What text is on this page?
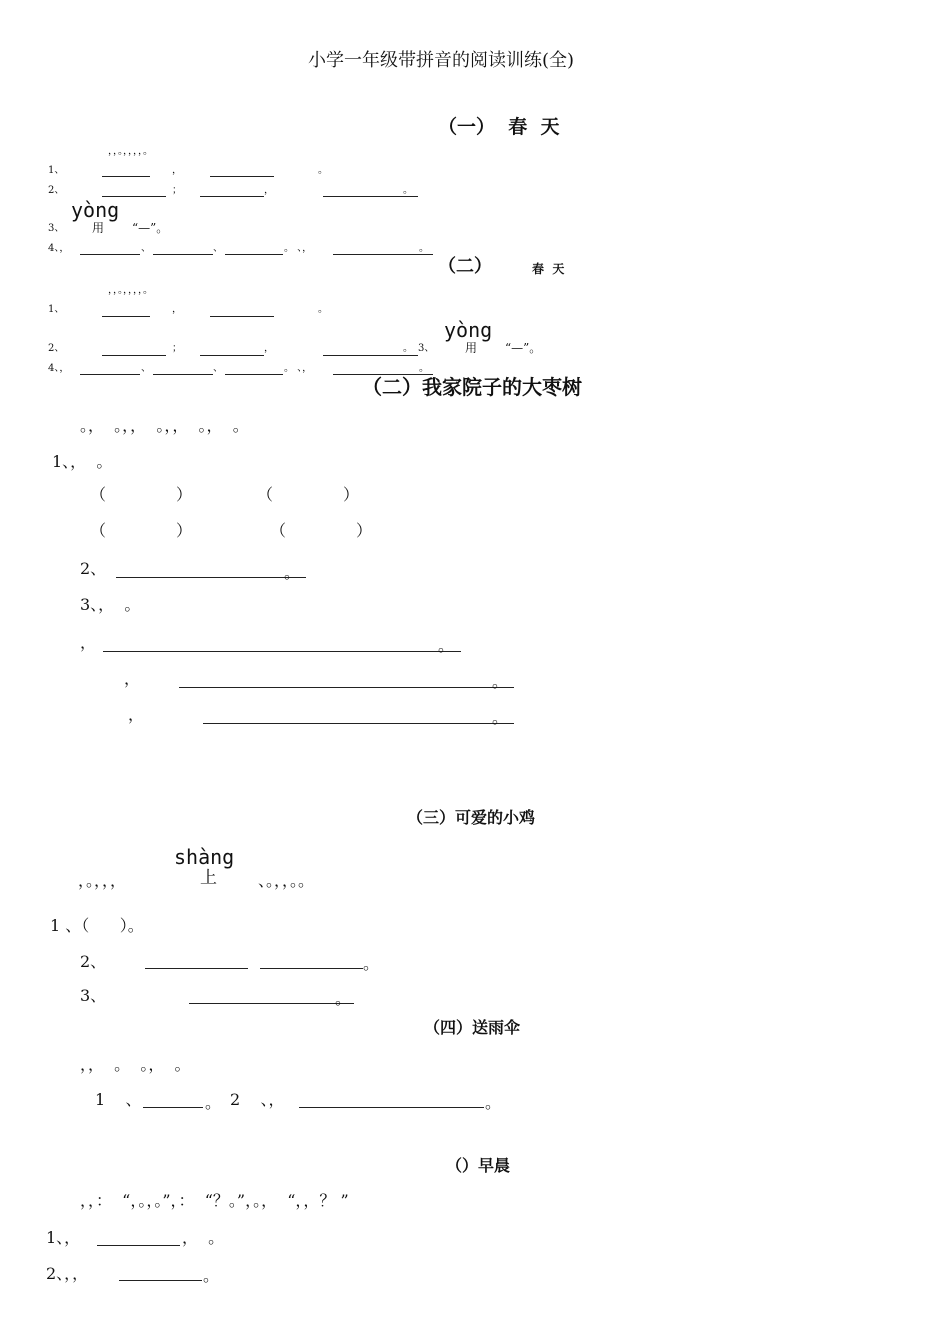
小学一年级带拼音的阅读训练(全)
（一）  春  天
，，。，，，，。
1、	，	。
2、	；	，	。
yòng
3、 用 “—”。
4、，	、	、	。 、，	。
（二）	春  天
，，。，，，，。
1、	，	。
yòng
2、	；	，	。 3、	用 “—”。
4、，	、	、	。 、，	。
（二）我家院子的大枣树
。，  。，，  。，，  。，  。
1、，  。
（	）	（	）
（	）	（	）
2、	。
3、，  。
，	。
，	。
，	。
（三）可爱的小鸡
shàng
，。，，，	上	、。，，。。
1 、（      ）。
2、	。
3、	。
（四）送雨伞
，，  。  。，  。
1    、	。 2    、，	。
（）早晨
，，：  “，。，。”，：  “？。”，。，  “，，？ ”
1、，	，  。
2、，，	。
